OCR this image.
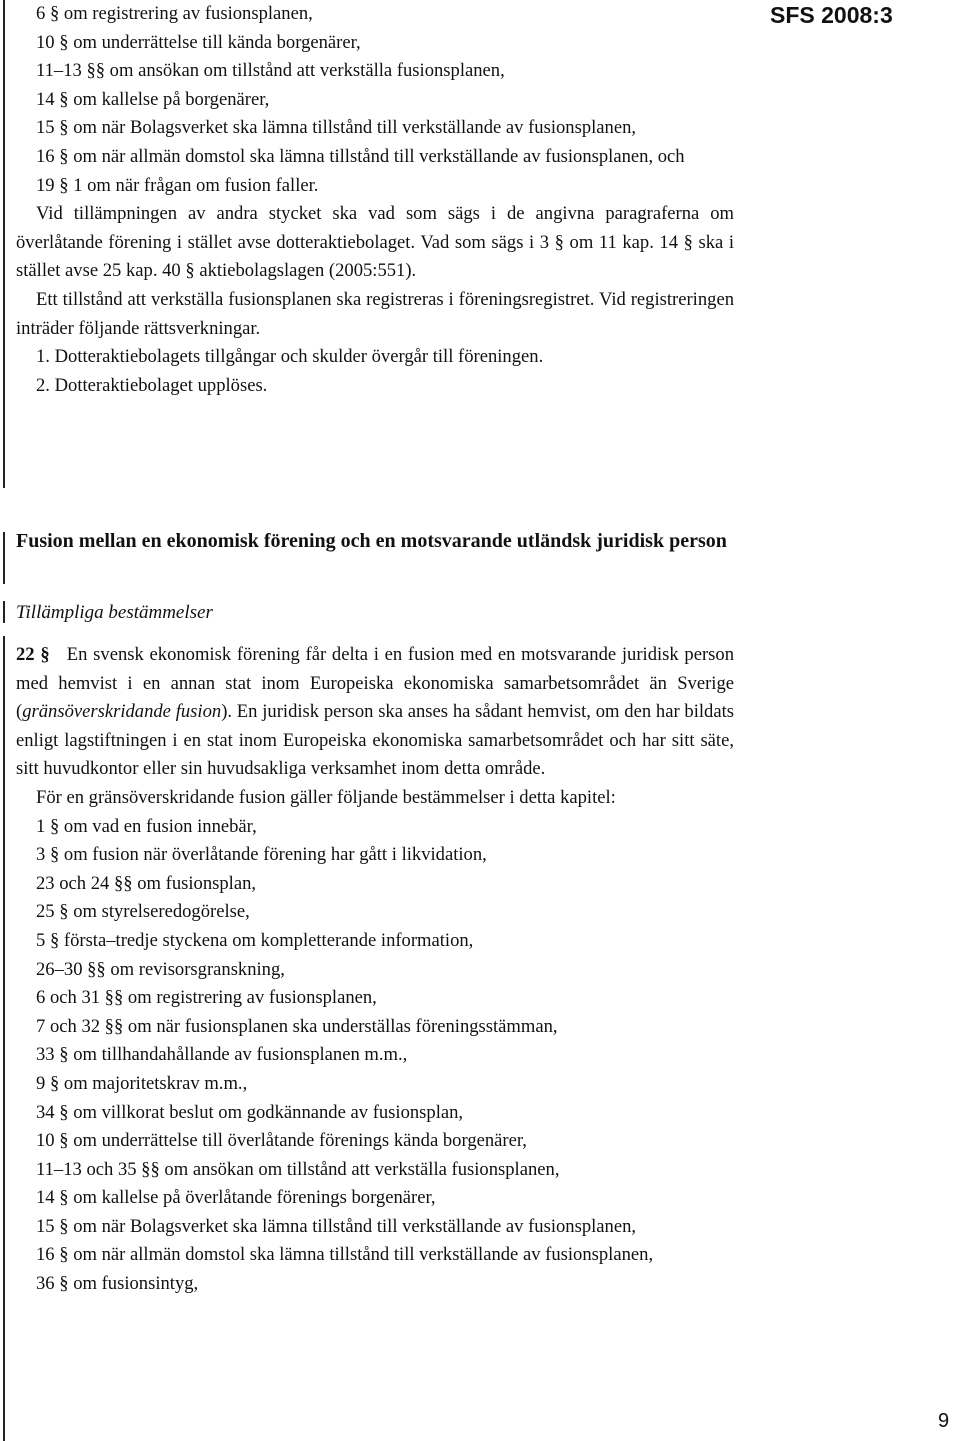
SFS 2008:3

6 § om registrering av fusionsplanen,

10 § om underrättelse till kända borgenärer,

11–13 §§ om ansökan om tillstånd att verkställa fusionsplanen,

14 § om kallelse på borgenärer,

15 § om när Bolagsverket ska lämna tillstånd till verkställande av fusionsplanen,

16 § om när allmän domstol ska lämna tillstånd till verkställande av fusionsplanen, och

19 § 1 om när frågan om fusion faller.

Vid tillämpningen av andra stycket ska vad som sägs i de angivna paragraferna om överlåtande förening i stället avse dotteraktiebolaget. Vad som sägs i 3 § om 11 kap. 14 § ska i stället avse 25 kap. 40 § aktiebolagslagen (2005:551).

Ett tillstånd att verkställa fusionsplanen ska registreras i föreningsregistret. Vid registreringen inträder följande rättsverkningar.

1. Dotteraktiebolagets tillgångar och skulder övergår till föreningen.

2. Dotteraktiebolaget upplöses.

Fusion mellan en ekonomisk förening och en motsvarande utländsk juridisk person
Tillämpliga bestämmelser

22 § En svensk ekonomisk förening får delta i en fusion med en motsvarande juridisk person med hemvist i en annan stat inom Europeiska ekonomiska samarbetsområdet än Sverige (gränsöverskridande fusion). En juridisk person ska anses ha sådant hemvist, om den har bildats enligt lagstiftningen i en stat inom Europeiska ekonomiska samarbetsområdet och har sitt säte, sitt huvudkontor eller sin huvudsakliga verksamhet inom detta område.

För en gränsöverskridande fusion gäller följande bestämmelser i detta kapitel:

1 § om vad en fusion innebär,

3 § om fusion när överlåtande förening har gått i likvidation,

23 och 24 §§ om fusionsplan,

25 § om styrelseredogörelse,

5 § första–tredje styckena om kompletterande information,

26–30 §§ om revisorsgranskning,

6 och 31 §§ om registrering av fusionsplanen,

7 och 32 §§ om när fusionsplanen ska underställas föreningsstämman,

33 § om tillhandahållande av fusionsplanen m.m.,

9 § om majoritetskrav m.m.,

34 § om villkorat beslut om godkännande av fusionsplan,

10 § om underrättelse till överlåtande förenings kända borgenärer,

11–13 och 35 §§ om ansökan om tillstånd att verkställa fusionsplanen,

14 § om kallelse på överlåtande förenings borgenärer,

15 § om när Bolagsverket ska lämna tillstånd till verkställande av fusionsplanen,

16 § om när allmän domstol ska lämna tillstånd till verkställande av fusionsplanen,

36 § om fusionsintyg,

9
